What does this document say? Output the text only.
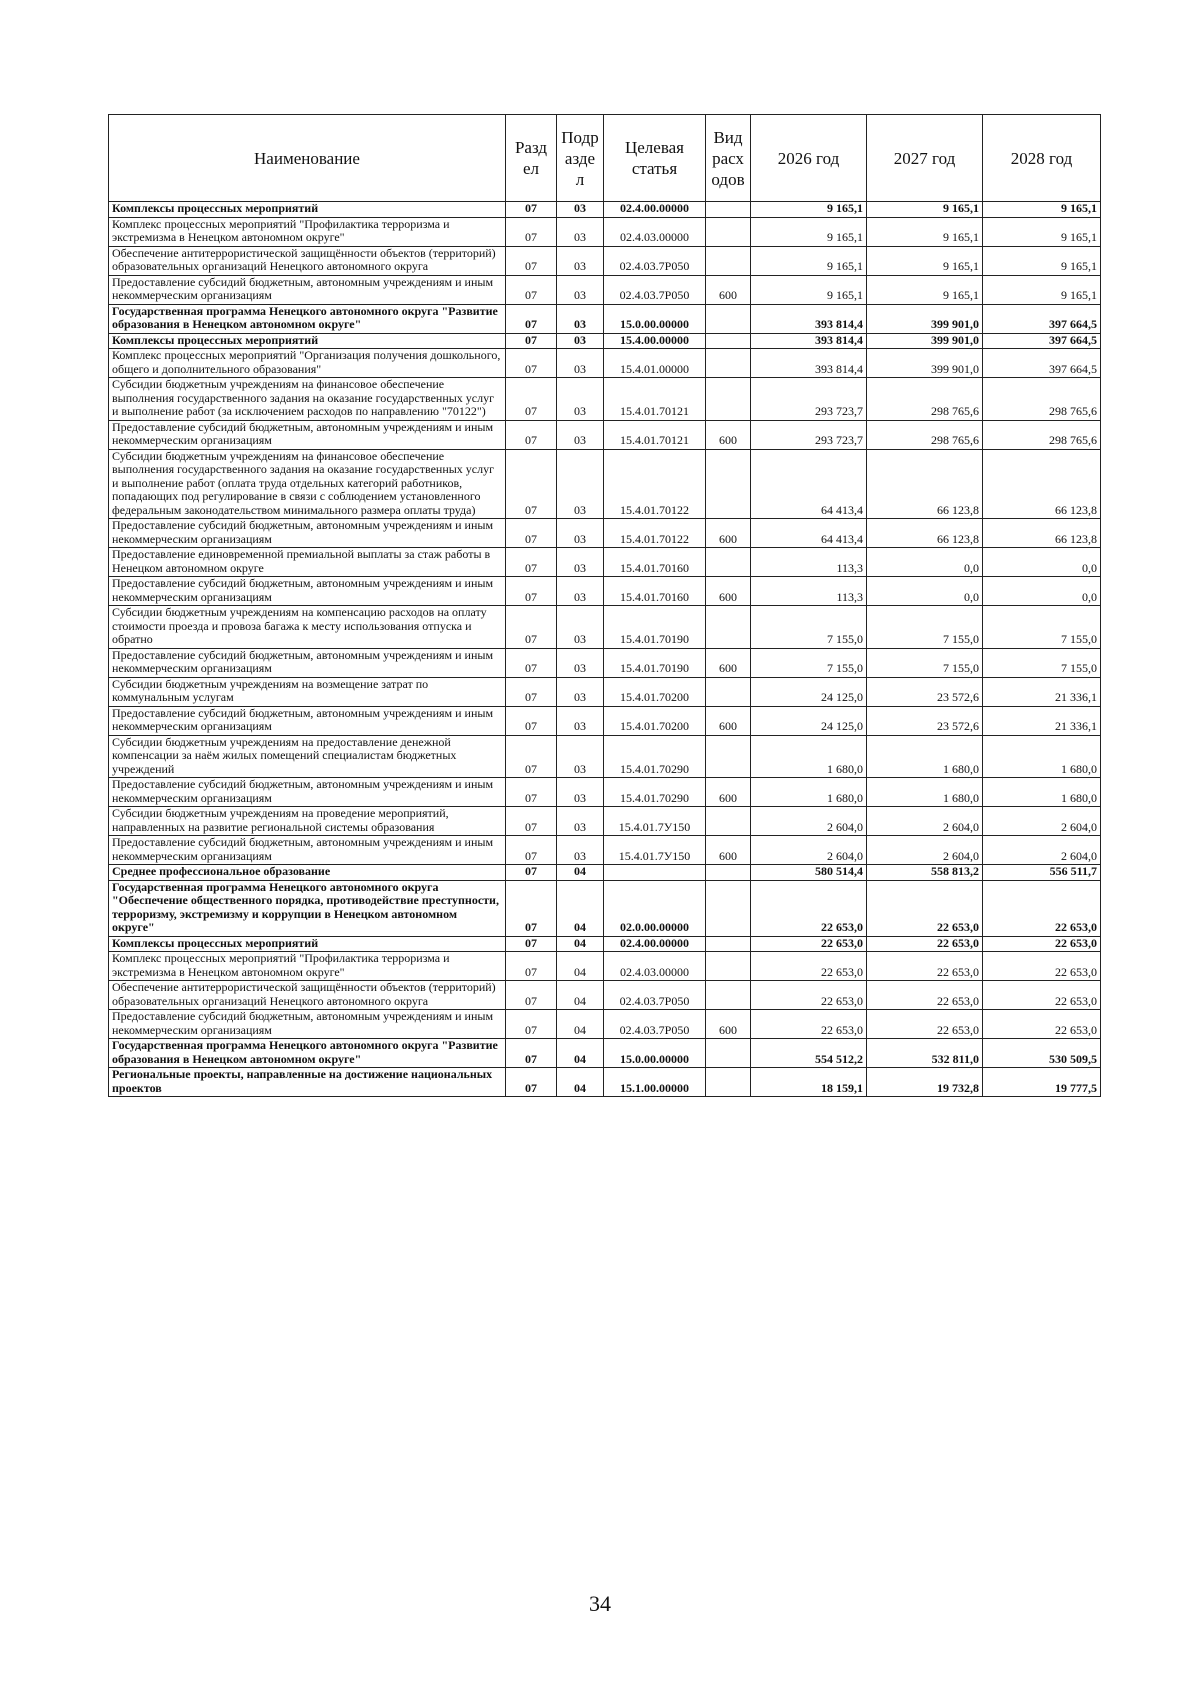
Наименование	Разд ел	Подр азде л	Целевая статья	Вид расх одов	2026 год	2027 год	2028 год
Комплексы процессных мероприятий	07	03	02.4.00.00000		9 165,1	9 165,1	9 165,1
Комплекс процессных мероприятий "Профилактика терроризма и экстремизма в Ненецком автономном округе"	07	03	02.4.03.00000		9 165,1	9 165,1	9 165,1
Обеспечение антитеррористической защищённости объектов (территорий) образовательных организаций Ненецкого автономного округа	07	03	02.4.03.7Р050		9 165,1	9 165,1	9 165,1
Предоставление субсидий бюджетным, автономным учреждениям и иным некоммерческим организациям	07	03	02.4.03.7Р050	600	9 165,1	9 165,1	9 165,1
Государственная программа Ненецкого автономного округа "Развитие образования в Ненецком автономном округе"	07	03	15.0.00.00000		393 814,4	399 901,0	397 664,5
Комплексы процессных мероприятий	07	03	15.4.00.00000		393 814,4	399 901,0	397 664,5
Комплекс процессных мероприятий "Организация получения дошкольного, общего и дополнительного образования"	07	03	15.4.01.00000		393 814,4	399 901,0	397 664,5
Субсидии бюджетным учреждениям на финансовое обеспечение выполнения государственного задания на оказание государственных услуг и выполнение работ (за исключением расходов по направлению "70122")	07	03	15.4.01.70121		293 723,7	298 765,6	298 765,6
Предоставление субсидий бюджетным, автономным учреждениям и иным некоммерческим организациям	07	03	15.4.01.70121	600	293 723,7	298 765,6	298 765,6
Субсидии бюджетным учреждениям на финансовое обеспечение выполнения государственного задания на оказание государственных услуг и выполнение работ (оплата труда отдельных категорий работников, попадающих под регулирование в связи с соблюдением установленного федеральным законодательством минимального размера оплаты труда)	07	03	15.4.01.70122		64 413,4	66 123,8	66 123,8
Предоставление субсидий бюджетным, автономным учреждениям и иным некоммерческим организациям	07	03	15.4.01.70122	600	64 413,4	66 123,8	66 123,8
Предоставление единовременной премиальной выплаты за стаж работы в Ненецком автономном округе	07	03	15.4.01.70160		113,3	0,0	0,0
Предоставление субсидий бюджетным, автономным учреждениям и иным некоммерческим организациям	07	03	15.4.01.70160	600	113,3	0,0	0,0
Субсидии бюджетным учреждениям на компенсацию расходов на оплату стоимости проезда и провоза багажа к месту использования отпуска и обратно	07	03	15.4.01.70190		7 155,0	7 155,0	7 155,0
Предоставление субсидий бюджетным, автономным учреждениям и иным некоммерческим организациям	07	03	15.4.01.70190	600	7 155,0	7 155,0	7 155,0
Субсидии бюджетным учреждениям на возмещение затрат по коммунальным услугам	07	03	15.4.01.70200		24 125,0	23 572,6	21 336,1
Предоставление субсидий бюджетным, автономным учреждениям и иным некоммерческим организациям	07	03	15.4.01.70200	600	24 125,0	23 572,6	21 336,1
Субсидии бюджетным учреждениям на предоставление денежной компенсации за наём жилых помещений специалистам бюджетных учреждений	07	03	15.4.01.70290		1 680,0	1 680,0	1 680,0
Предоставление субсидий бюджетным, автономным учреждениям и иным некоммерческим организациям	07	03	15.4.01.70290	600	1 680,0	1 680,0	1 680,0
Субсидии бюджетным учреждениям на проведение мероприятий, направленных на развитие региональной системы образования	07	03	15.4.01.7У150		2 604,0	2 604,0	2 604,0
Предоставление субсидий бюджетным, автономным учреждениям и иным некоммерческим организациям	07	03	15.4.01.7У150	600	2 604,0	2 604,0	2 604,0
Среднее профессиональное образование	07	04			580 514,4	558 813,2	556 511,7
Государственная программа Ненецкого автономного округа "Обеспечение общественного порядка, противодействие преступности, терроризму, экстремизму и коррупции в Ненецком автономном округе"	07	04	02.0.00.00000		22 653,0	22 653,0	22 653,0
Комплексы процессных мероприятий	07	04	02.4.00.00000		22 653,0	22 653,0	22 653,0
Комплекс процессных мероприятий "Профилактика терроризма и экстремизма в Ненецком автономном округе"	07	04	02.4.03.00000		22 653,0	22 653,0	22 653,0
Обеспечение антитеррористической защищённости объектов (территорий) образовательных организаций Ненецкого автономного округа	07	04	02.4.03.7Р050		22 653,0	22 653,0	22 653,0
Предоставление субсидий бюджетным, автономным учреждениям и иным некоммерческим организациям	07	04	02.4.03.7Р050	600	22 653,0	22 653,0	22 653,0
Государственная программа Ненецкого автономного округа "Развитие образования в Ненецком автономном округе"	07	04	15.0.00.00000		554 512,2	532 811,0	530 509,5
Региональные проекты, направленные на достижение национальных проектов	07	04	15.1.00.00000		18 159,1	19 732,8	19 777,5
34
